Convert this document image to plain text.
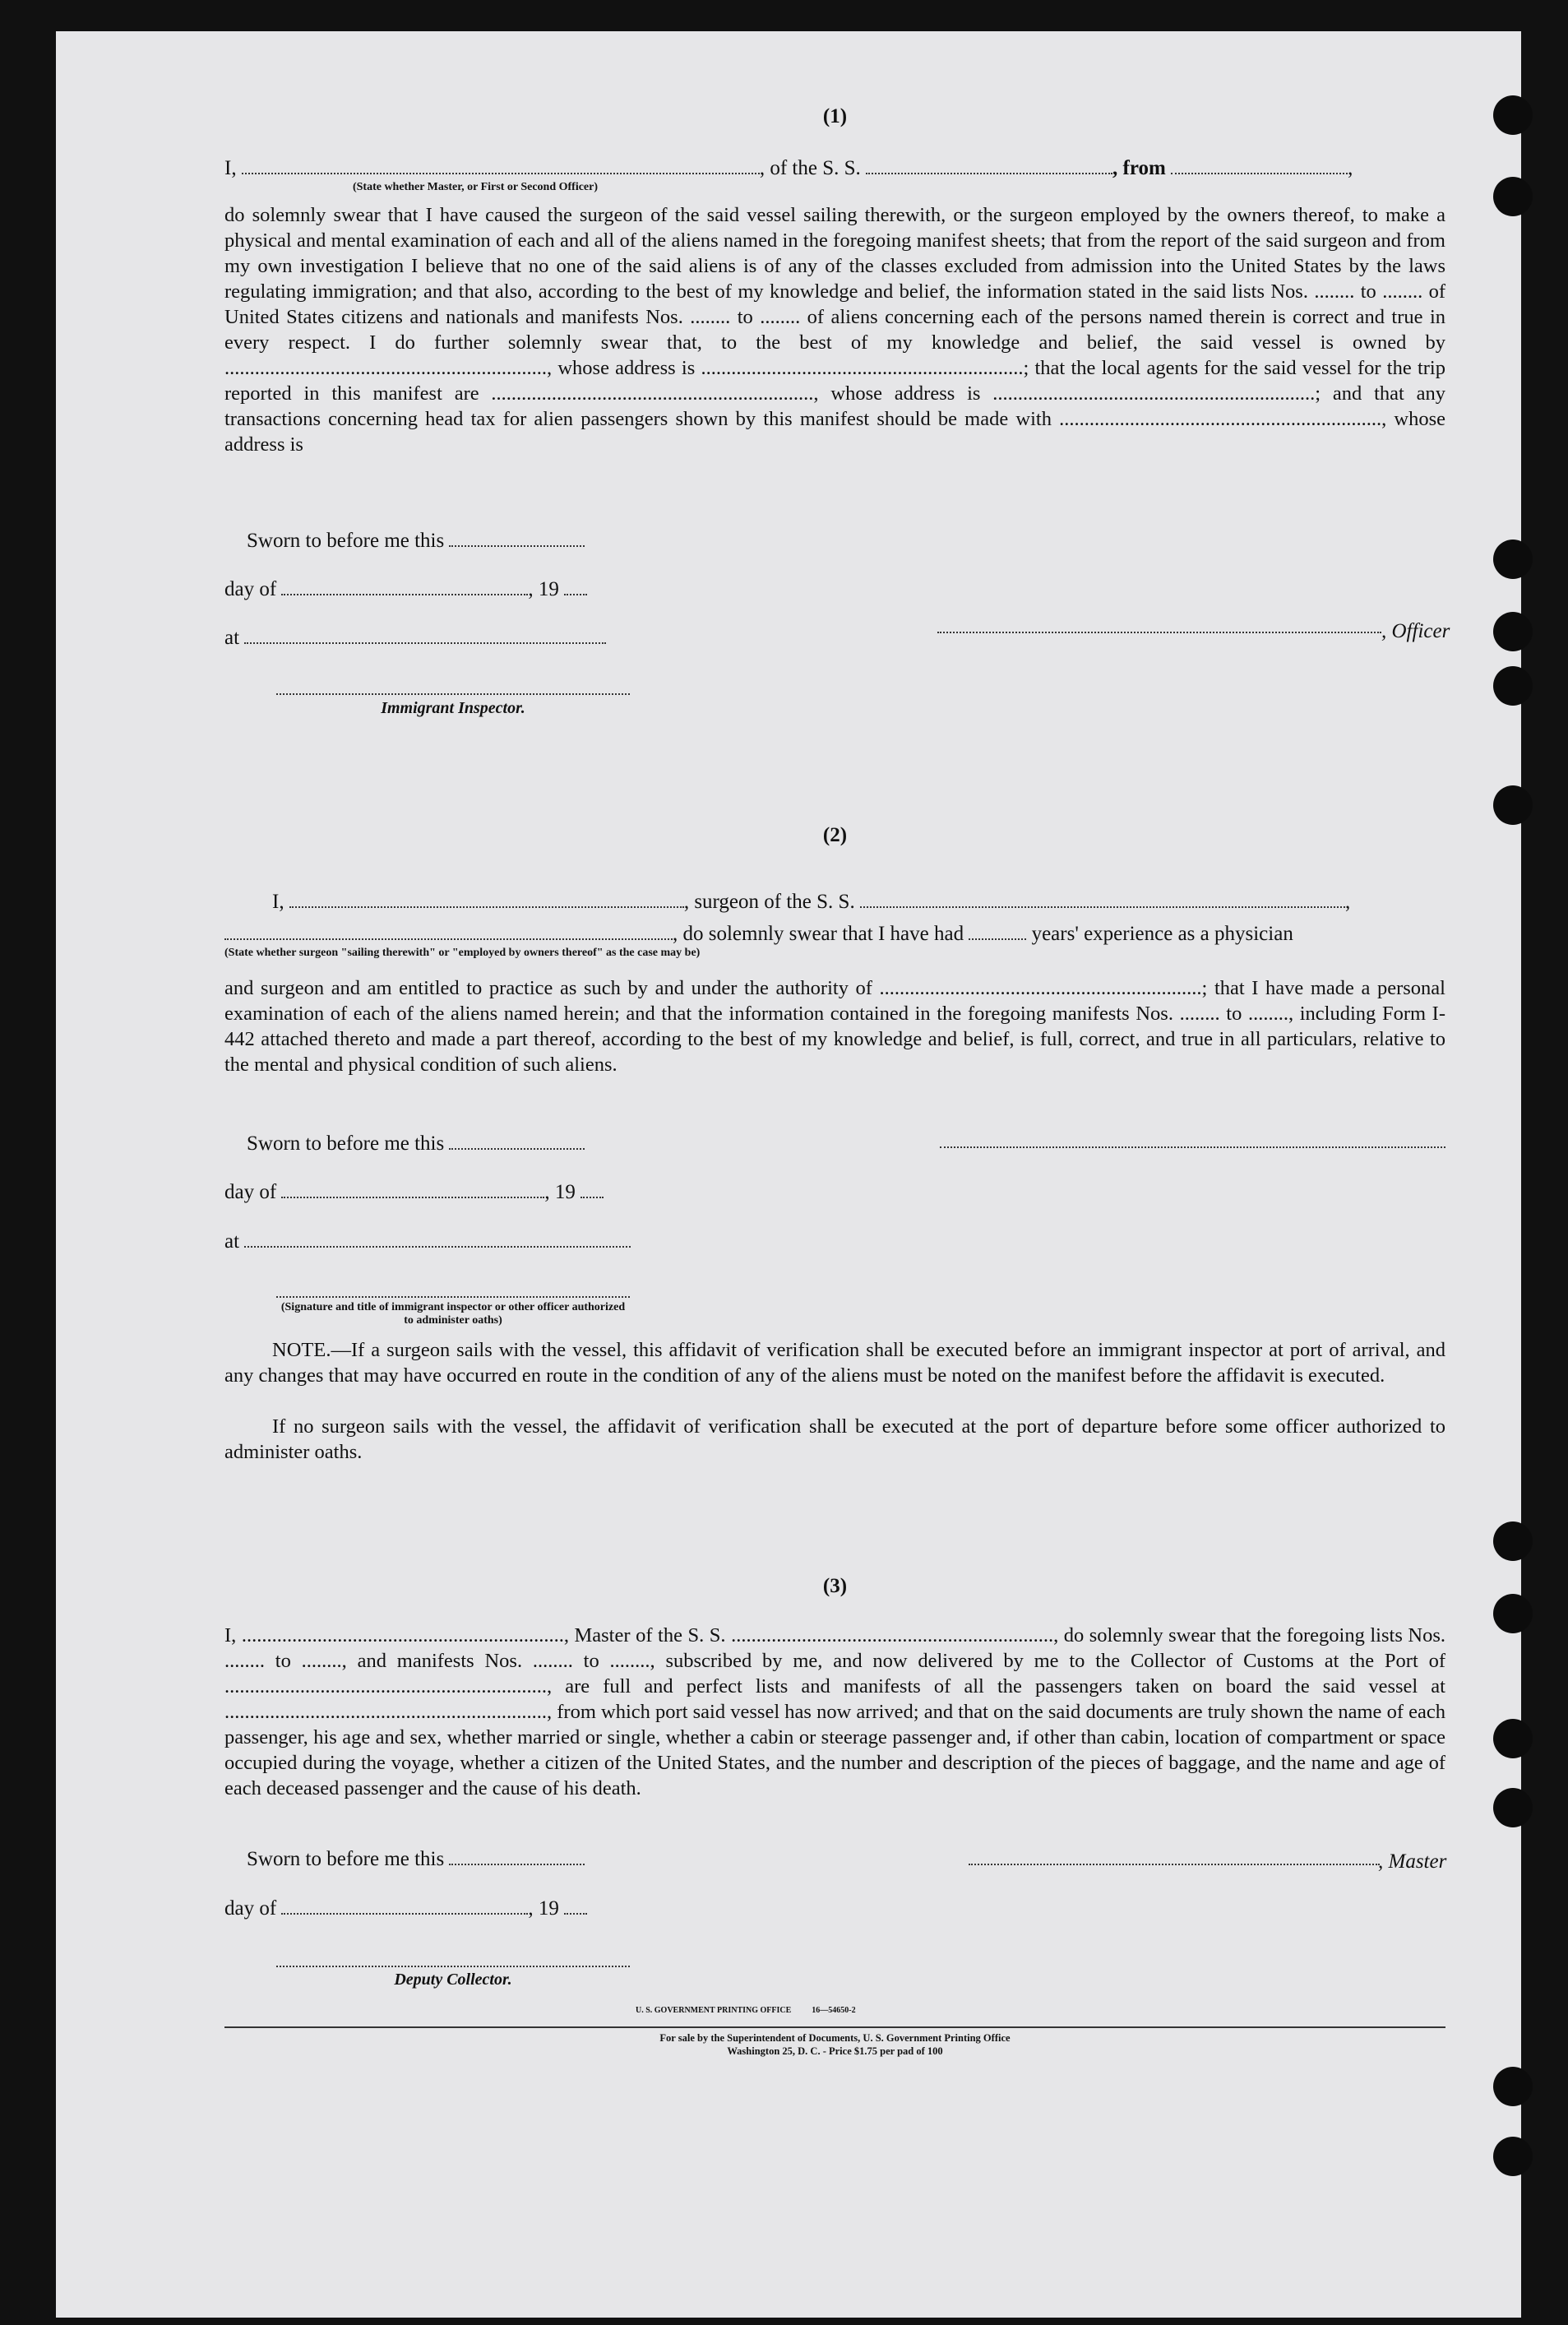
(1)
I,	, of the S. S.	, from	,
(State whether Master, or First or Second Officer)

do solemnly swear that I have caused the surgeon of the said vessel sailing therewith, or the surgeon employed by the owners thereof, to make a physical and mental examination of each and all of the aliens named in the foregoing manifest sheets; that from the report of the said surgeon and from my own investigation I believe that no one of the said aliens is of any of the classes excluded from admission into the United States by the laws regulating immigration; and that also, according to the best of my knowledge and belief, the information stated in the said lists Nos. ........ to ........ of United States citizens and nationals and manifests Nos. ........ to ........ of aliens concerning each of the persons named therein is correct and true in every respect. I do further solemnly swear that, to the best of my knowledge and belief, the said vessel is owned by ................................................................, whose address is ................................................................; that the local agents for the said vessel for the trip reported in this manifest are ................................................................, whose address is ................................................................; and that any transactions concerning head tax for alien passengers shown by this manifest should be made with ................................................................, whose address is

Sworn to before me this
day of	, 19
at	, Officer
Immigrant Inspector.
(2)
I,	, surgeon of the S. S.	,
, do solemnly swear that I have had	years' experience as a physician
(State whether surgeon "sailing therewith" or "employed by owners thereof" as the case may be)

and surgeon and am entitled to practice as such by and under the authority of ................................................................; that I have made a personal examination of each of the aliens named herein; and that the information contained in the foregoing manifests Nos. ........ to ........, including Form I-442 attached thereto and made a part thereof, according to the best of my knowledge and belief, is full, correct, and true in all particulars, relative to the mental and physical condition of such aliens.

Sworn to before me this
day of	, 19
at
(Signature and title of immigrant inspector or other officer authorized to administer oaths)

NOTE.—If a surgeon sails with the vessel, this affidavit of verification shall be executed before an immigrant inspector at port of arrival, and any changes that may have occurred en route in the condition of any of the aliens must be noted on the manifest before the affidavit is executed.

If no surgeon sails with the vessel, the affidavit of verification shall be executed at the port of departure before some officer authorized to administer oaths.

(3)

I, ................................................................, Master of the S. S. ................................................................, do solemnly swear that the foregoing lists Nos. ........ to ........, and manifests Nos. ........ to ........, subscribed by me, and now delivered by me to the Collector of Customs at the Port of ................................................................, are full and perfect lists and manifests of all the passengers taken on board the said vessel at ................................................................, from which port said vessel has now arrived; and that on the said documents are truly shown the name of each passenger, his age and sex, whether married or single, whether a cabin or steerage passenger and, if other than cabin, location of compartment or space occupied during the voyage, whether a citizen of the United States, and the number and description of the pieces of baggage, and the name and age of each deceased passenger and the cause of his death.

Sworn to before me this	, Master
day of	, 19
Deputy Collector.
U. S. GOVERNMENT PRINTING OFFICE          16—54650-2
For sale by the Superintendent of Documents, U. S. Government Printing Office
Washington 25, D. C. - Price $1.75 per pad of 100
